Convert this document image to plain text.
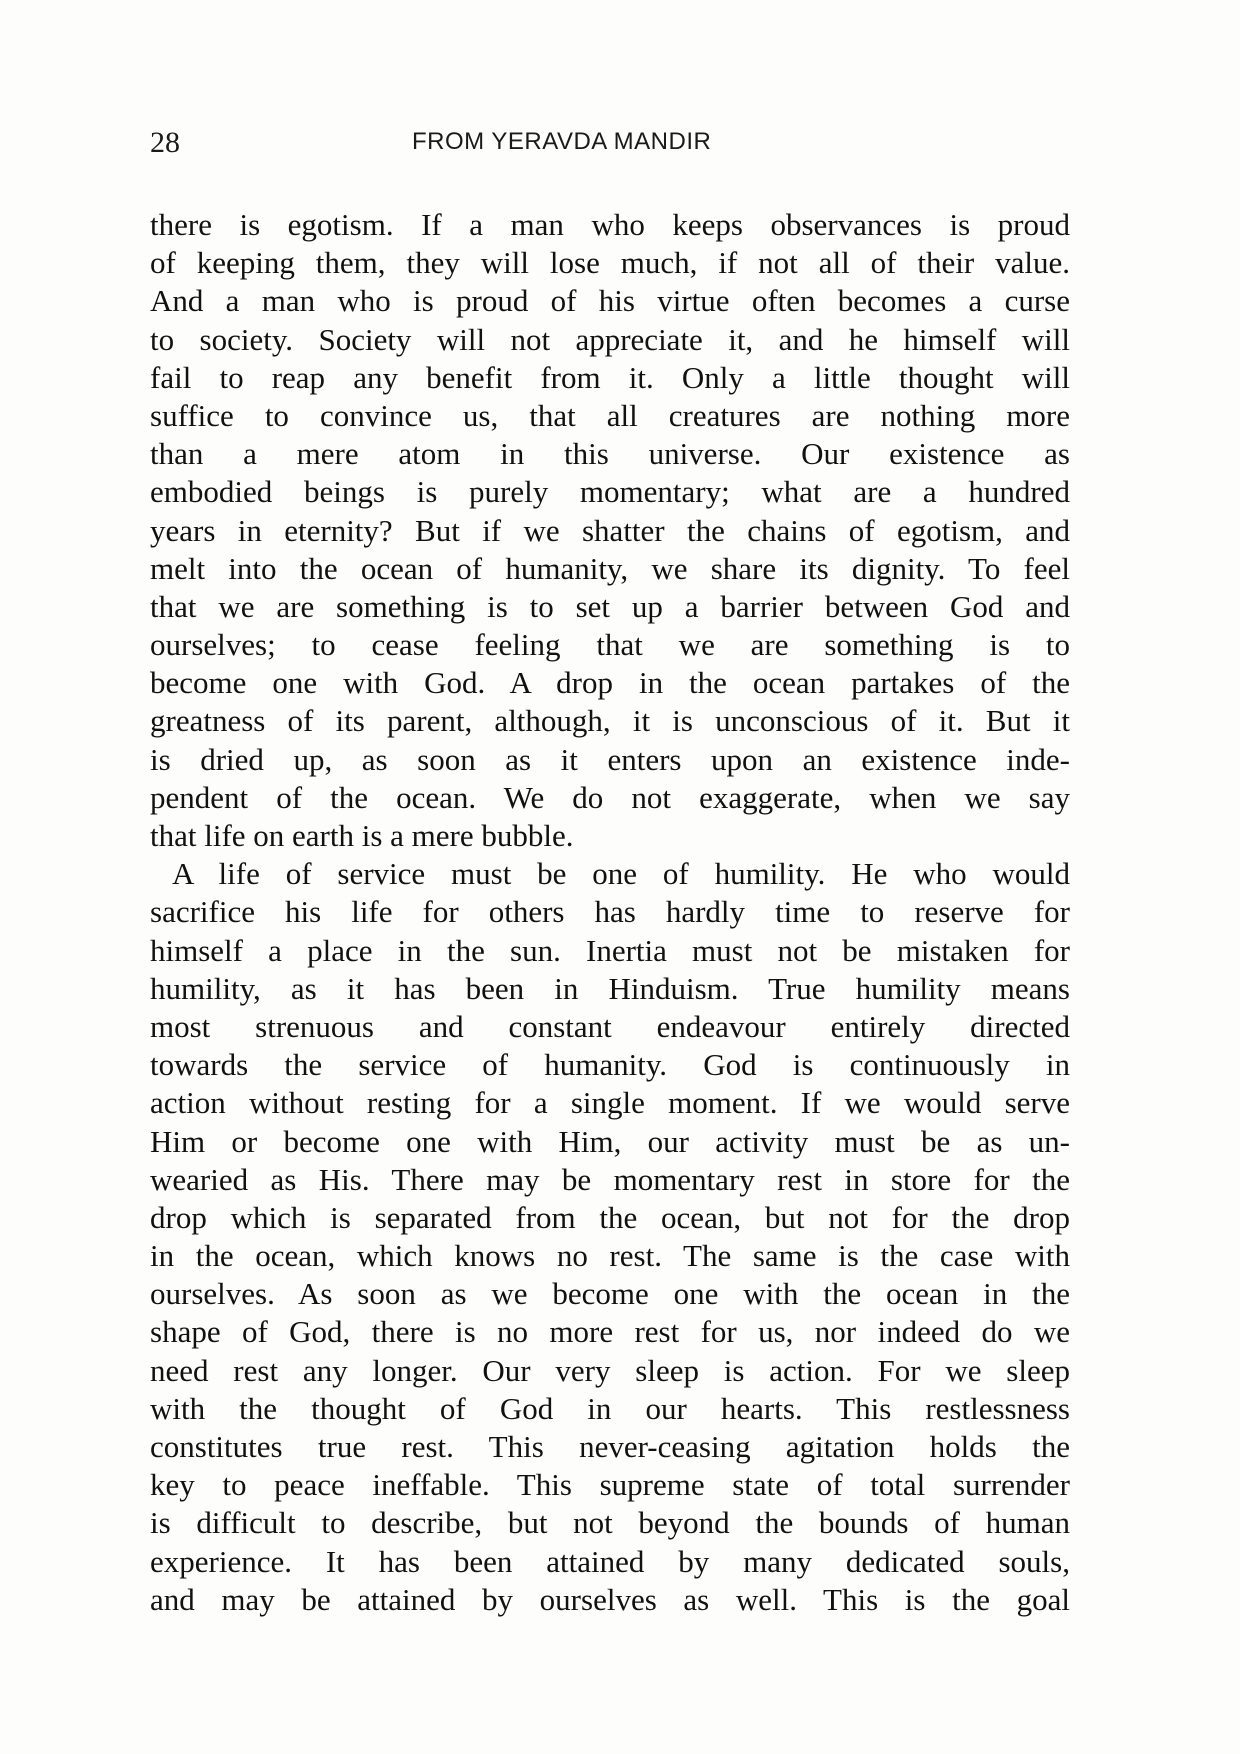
28	FROM YERAVDA MANDIR
there is egotism. If a man who keeps observances is proud
of keeping them, they will lose much, if not all of their value.
And a man who is proud of his virtue often becomes a curse
to society. Society will not appreciate it, and he himself will
fail to reap any benefit from it. Only a little thought will
suffice to convince us, that all creatures are nothing more
than a mere atom in this universe. Our existence as
embodied beings is purely momentary; what are a hundred
years in eternity? But if we shatter the chains of egotism, and
melt into the ocean of humanity, we share its dignity. To feel
that we are something is to set up a barrier between God and
ourselves; to cease feeling that we are something is to
become one with God. A drop in the ocean partakes of the
greatness of its parent, although, it is unconscious of it. But it
is dried up, as soon as it enters upon an existence inde-
pendent of the ocean. We do not exaggerate, when we say
that life on earth is a mere bubble.
A life of service must be one of humility. He who would
sacrifice his life for others has hardly time to reserve for
himself a place in the sun. Inertia must not be mistaken for
humility, as it has been in Hinduism. True humility means
most strenuous and constant endeavour entirely directed
towards the service of humanity. God is continuously in
action without resting for a single moment. If we would serve
Him or become one with Him, our activity must be as un-
wearied as His. There may be momentary rest in store for the
drop which is separated from the ocean, but not for the drop
in the ocean, which knows no rest. The same is the case with
ourselves. As soon as we become one with the ocean in the
shape of God, there is no more rest for us, nor indeed do we
need rest any longer. Our very sleep is action. For we sleep
with the thought of God in our hearts. This restlessness
constitutes true rest. This never-ceasing agitation holds the
key to peace ineffable. This supreme state of total surrender
is difficult to describe, but not beyond the bounds of human
experience. It has been attained by many dedicated souls,
and may be attained by ourselves as well. This is the goal
